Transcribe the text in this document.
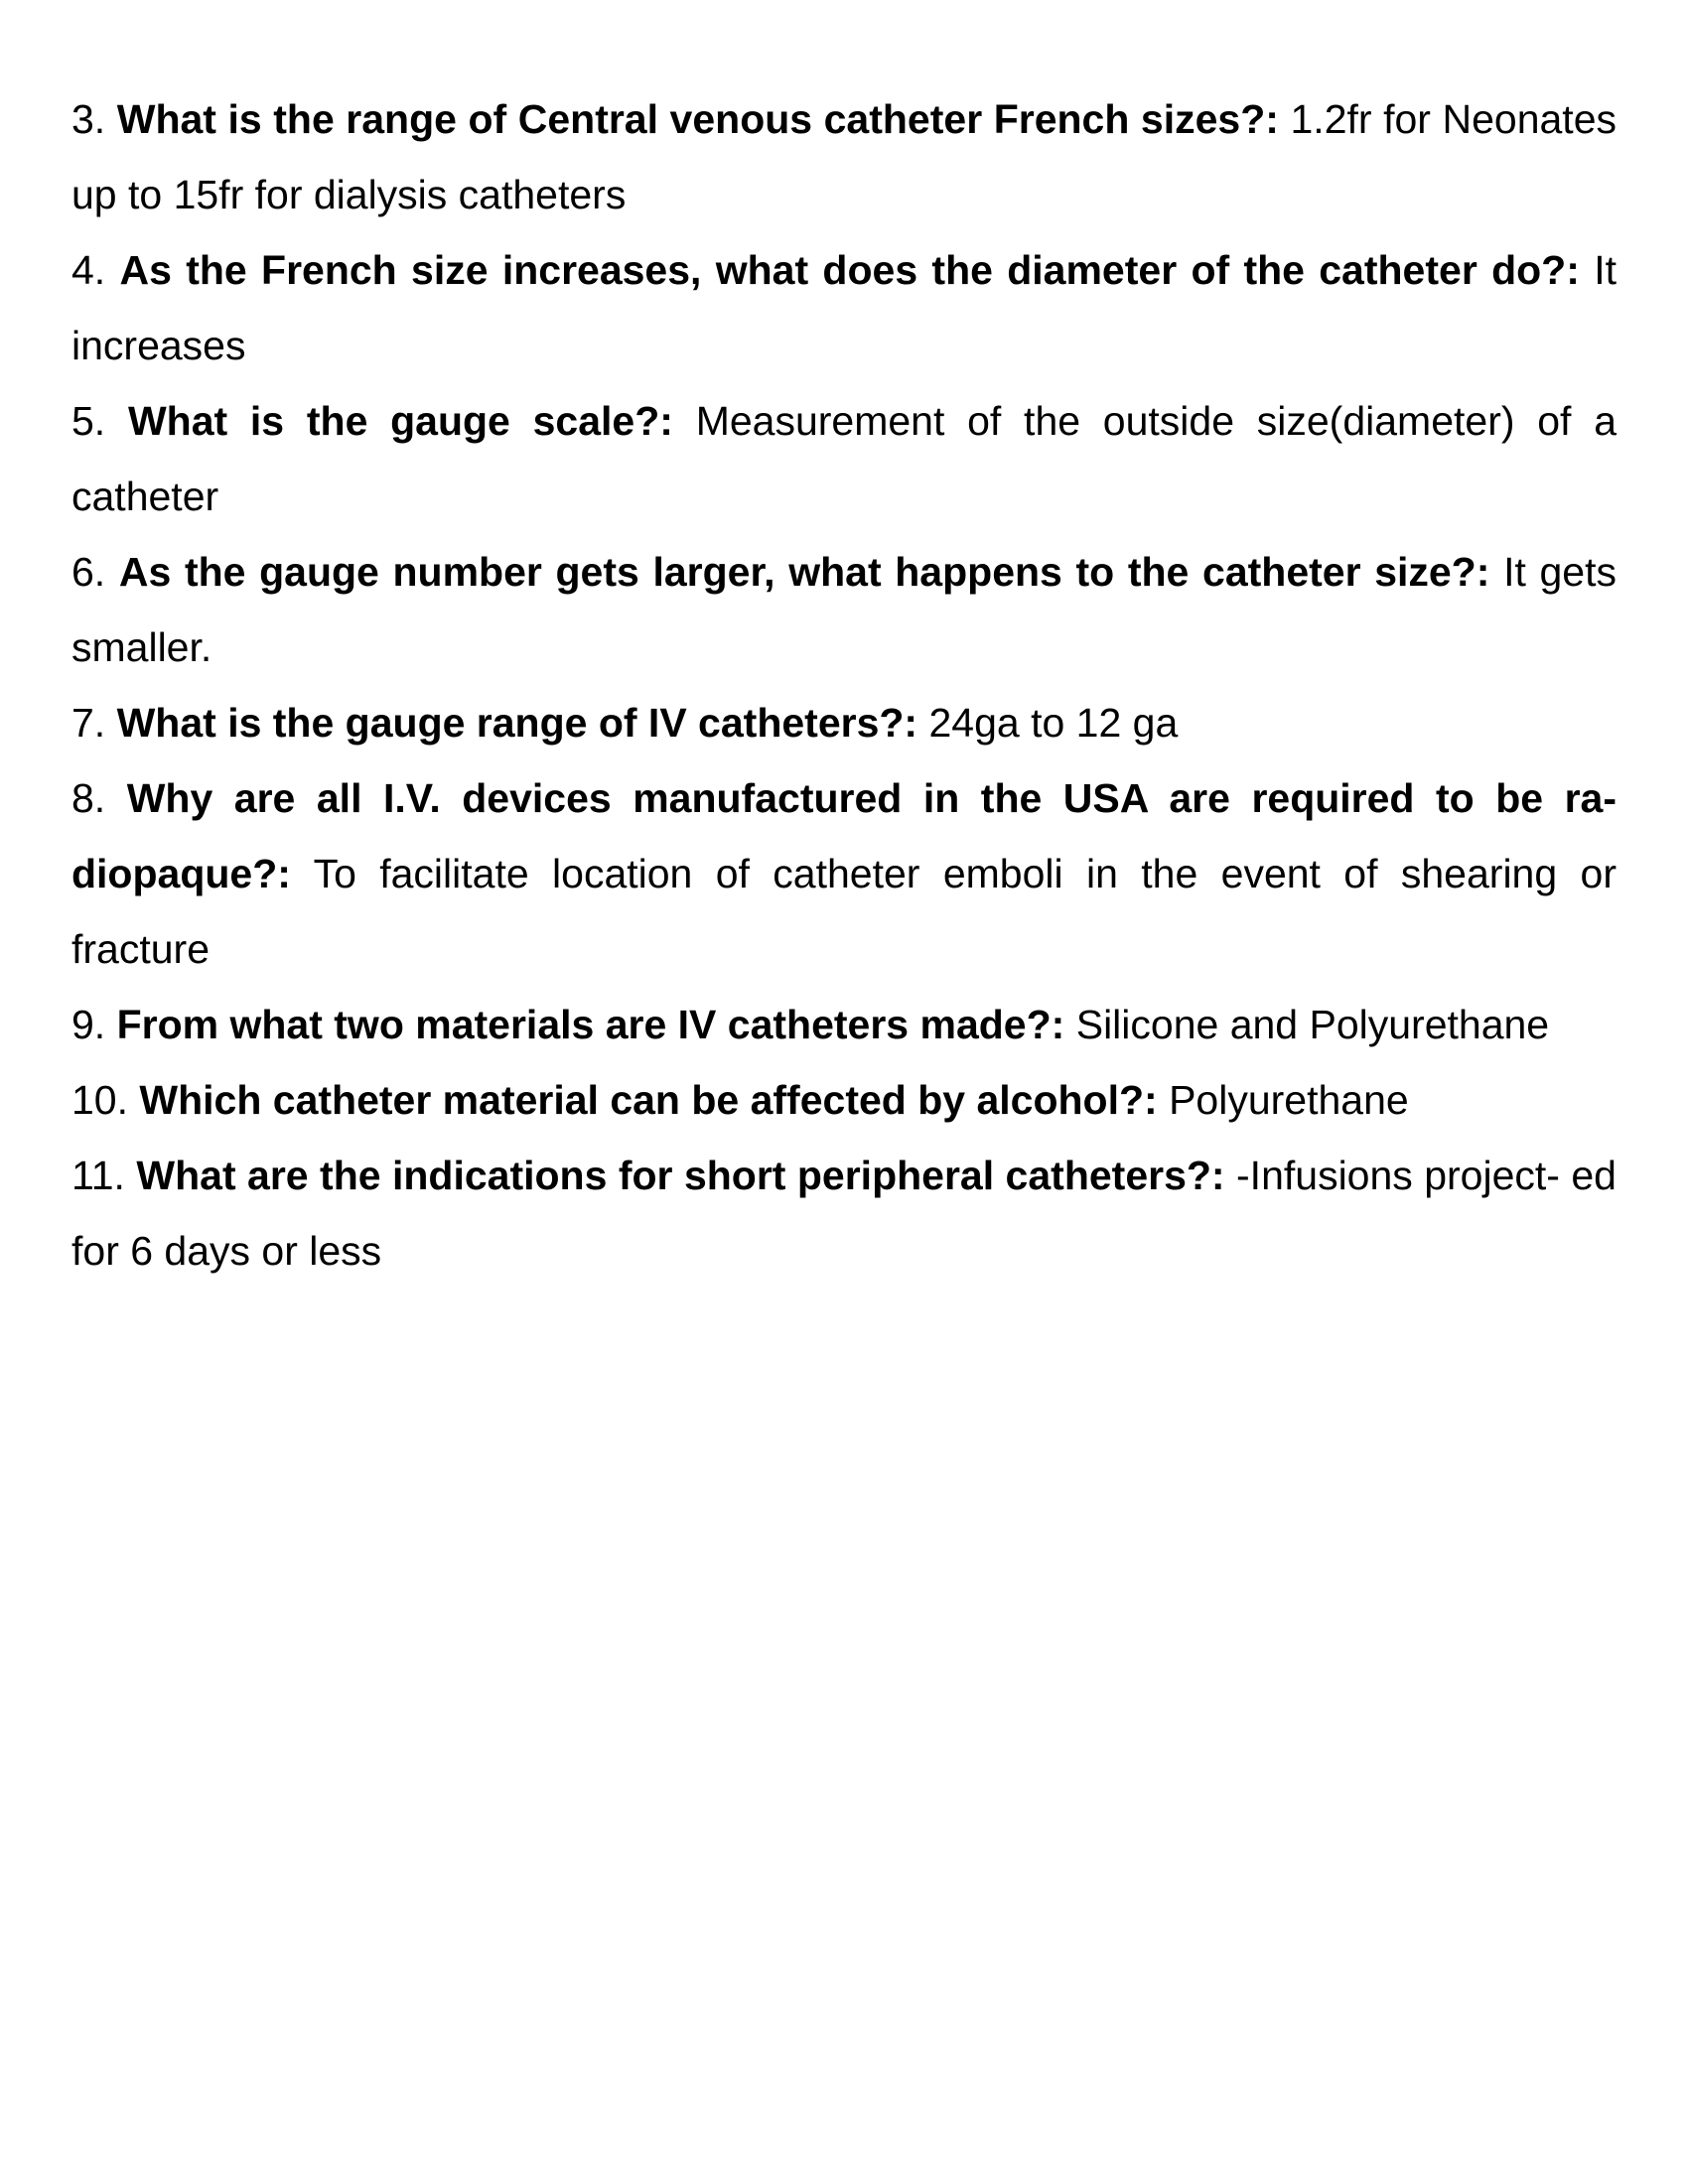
3. What is the range of Central venous catheter French sizes?: 1.2fr for Neonates up to 15fr for dialysis catheters

4. As the French size increases, what does the diameter of the catheter do?: It increases

5. What is the gauge scale?: Measurement of the outside size(diameter) of a catheter

6. As the gauge number gets larger, what happens to the catheter size?: It gets smaller.

7. What is the gauge range of IV catheters?: 24ga to 12 ga

8. Why are all I.V. devices manufactured in the USA are required to be ra- diopaque?: To facilitate location of catheter emboli in the event of shearing or fracture

9. From what two materials are IV catheters made?: Silicone and Polyurethane

10. Which catheter material can be affected by alcohol?: Polyurethane

11. What are the indications for short peripheral catheters?: -Infusions project- ed for 6 days or less
